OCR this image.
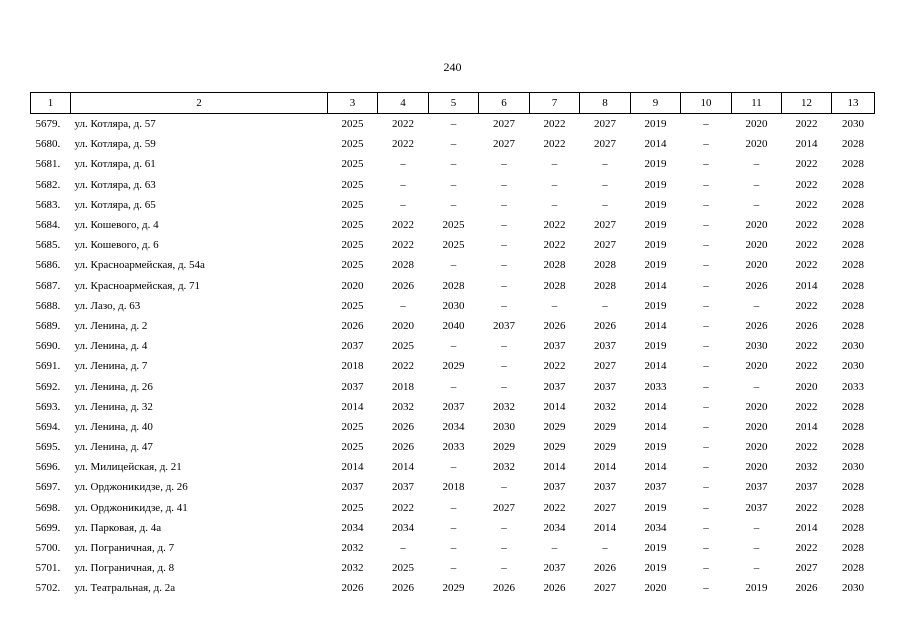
240
1	2	3	4	5	6	7	8	9	10	11	12	13
5679.	ул. Котляра, д. 57	2025	2022	–	2027	2022	2027	2019	–	2020	2022	2030
5680.	ул. Котляра, д. 59	2025	2022	–	2027	2022	2027	2014	–	2020	2014	2028
5681.	ул. Котляра, д. 61	2025	–	–	–	–	–	2019	–	–	2022	2028
5682.	ул. Котляра, д. 63	2025	–	–	–	–	–	2019	–	–	2022	2028
5683.	ул. Котляра, д. 65	2025	–	–	–	–	–	2019	–	–	2022	2028
5684.	ул. Кошевого, д. 4	2025	2022	2025	–	2022	2027	2019	–	2020	2022	2028
5685.	ул. Кошевого, д. 6	2025	2022	2025	–	2022	2027	2019	–	2020	2022	2028
5686.	ул. Красноармейская, д. 54а	2025	2028	–	–	2028	2028	2019	–	2020	2022	2028
5687.	ул. Красноармейская, д. 71	2020	2026	2028	–	2028	2028	2014	–	2026	2014	2028
5688.	ул. Лазо, д. 63	2025	–	2030	–	–	–	2019	–	–	2022	2028
5689.	ул. Ленина, д. 2	2026	2020	2040	2037	2026	2026	2014	–	2026	2026	2028
5690.	ул. Ленина, д. 4	2037	2025	–	–	2037	2037	2019	–	2030	2022	2030
5691.	ул. Ленина, д. 7	2018	2022	2029	–	2022	2027	2014	–	2020	2022	2030
5692.	ул. Ленина, д. 26	2037	2018	–	–	2037	2037	2033	–	–	2020	2033
5693.	ул. Ленина, д. 32	2014	2032	2037	2032	2014	2032	2014	–	2020	2022	2028
5694.	ул. Ленина, д. 40	2025	2026	2034	2030	2029	2029	2014	–	2020	2014	2028
5695.	ул. Ленина, д. 47	2025	2026	2033	2029	2029	2029	2019	–	2020	2022	2028
5696.	ул. Милицейская, д. 21	2014	2014	–	2032	2014	2014	2014	–	2020	2032	2030
5697.	ул. Орджоникидзе, д. 26	2037	2037	2018	–	2037	2037	2037	–	2037	2037	2028
5698.	ул. Орджоникидзе, д. 41	2025	2022	–	2027	2022	2027	2019	–	2037	2022	2028
5699.	ул. Парковая, д. 4а	2034	2034	–	–	2034	2014	2034	–	–	2014	2028
5700.	ул. Пограничная, д. 7	2032	–	–	–	–	–	2019	–	–	2022	2028
5701.	ул. Пограничная, д. 8	2032	2025	–	–	2037	2026	2019	–	–	2027	2028
5702.	ул. Театральная, д. 2а	2026	2026	2029	2026	2026	2027	2020	–	2019	2026	2030
